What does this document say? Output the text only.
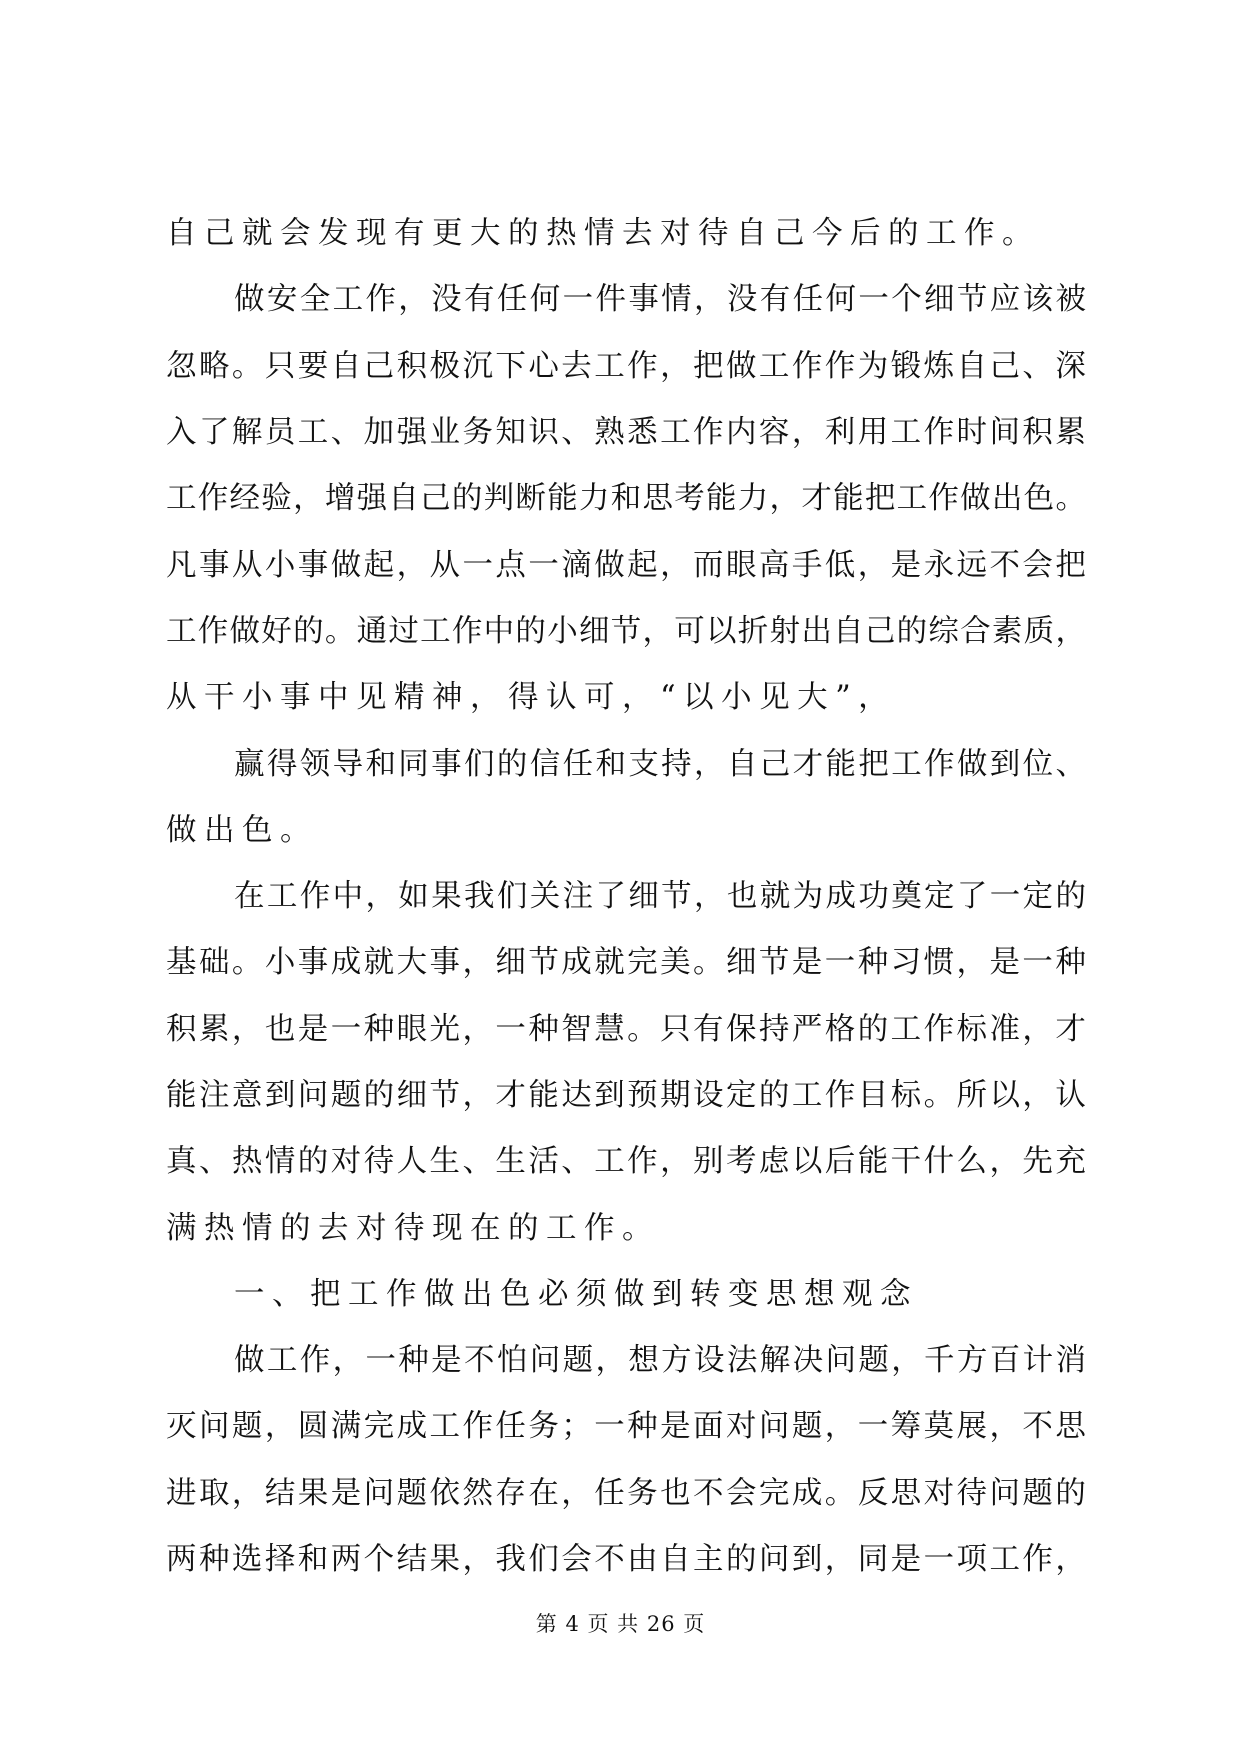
自己就会发现有更大的热情去对待自己今后的工作。
做 安 全 工 作 ， 没 有 任 何 一 件 事 情 ， 没 有 任 何 一 个 细 节 应 该 被
忽 略 。 只 要 自 己 积 极 沉 下 心 去 工 作 ， 把 做 工 作 作 为 锻 炼 自 己 、 深
入 了 解 员 工 、 加 强 业 务 知 识 、 熟 悉 工 作 内 容 ， 利 用 工 作 时 间 积 累
工 作 经 验 ， 增 强 自 己 的 判 断 能 力 和 思 考 能 力 ， 才 能 把 工 作 做 出 色 。
凡 事 从 小 事 做 起 ， 从 一 点 一 滴 做 起 ， 而 眼 高 手 低 ， 是 永 远 不 会 把
工 作 做 好 的 。 通 过 工 作 中 的 小 细 节 ， 可 以 折 射 出 自 己 的 综 合 素 质 ，
从干小事中见精神，得认可，“以小见大”，
赢 得 领 导 和 同 事 们 的 信 任 和 支 持 ， 自 己 才 能 把 工 作 做 到 位 、
做出色。
在 工 作 中 ， 如 果 我 们 关 注 了 细 节 ， 也 就 为 成 功 奠 定 了 一 定 的
基 础 。 小 事 成 就 大 事 ， 细 节 成 就 完 美 。 细 节 是 一 种 习 惯 ， 是 一 种
积 累 ， 也 是 一 种 眼 光 ， 一 种 智 慧 。 只 有 保 持 严 格 的 工 作 标 准 ， 才
能 注 意 到 问 题 的 细 节 ， 才 能 达 到 预 期 设 定 的 工 作 目 标 。 所 以 ， 认
真 、 热 情 的 对 待 人 生 、 生 活 、 工 作 ， 别 考 虑 以 后 能 干 什 么 ， 先 充
满热情的去对待现在的工作。
一、把工作做出色必须做到转变思想观念
做 工 作 ， 一 种 是 不 怕 问 题 ， 想 方 设 法 解 决 问 题 ， 千 方 百 计 消
灭 问 题 ， 圆 满 完 成 工 作 任 务 ； 一 种 是 面 对 问 题 ， 一 筹 莫 展 ， 不 思
进 取 ， 结 果 是 问 题 依 然 存 在 ， 任 务 也 不 会 完 成 。 反 思 对 待 问 题 的
两 种 选 择 和 两 个 结 果 ， 我 们 会 不 由 自 主 的 问 到 ， 同 是 一 项 工 作 ，
第 4 页 共 26 页
